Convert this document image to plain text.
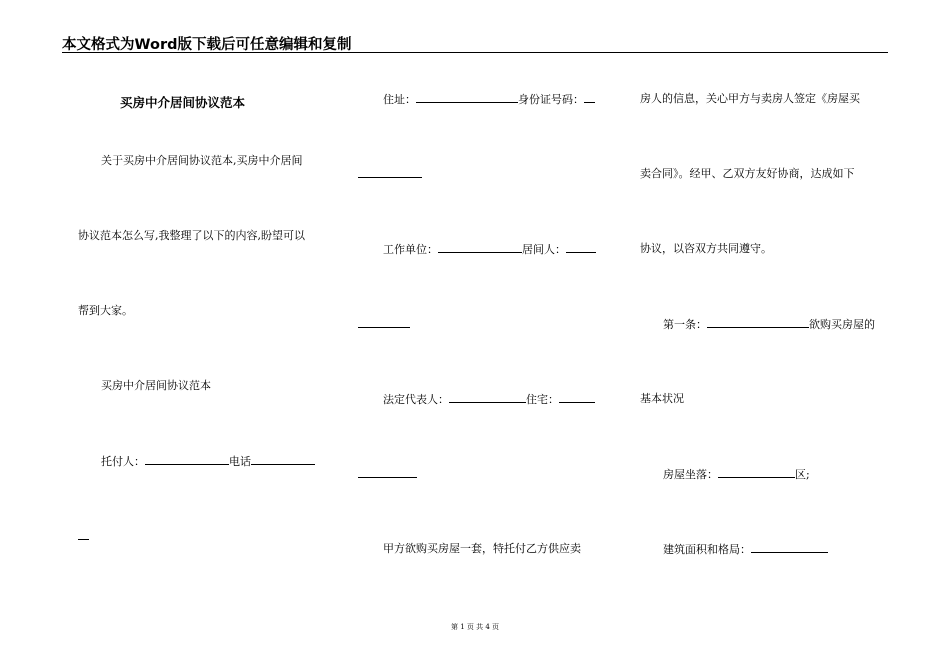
本文格式为Word版下载后可任意编辑和复制
买房中介居间协议范本
关于买房中介居间协议范本,买房中介居间
协议范本怎么写,我整理了以下的内容,盼望可以
帮到大家。
买房中介居间协议范本
托付人：	电话
住址：	身份证号码：
工作单位：	居间人：
法定代表人：	住宅：
甲方欲购买房屋一套，特托付乙方供应卖
房人的信息，关心甲方与卖房人签定《房屋买
卖合同》。经甲、乙双方友好协商，达成如下
协议，以咨双方共同遵守。
第一条：	欲购买房屋的
基本状况
房屋坐落：	区;
建筑面积和格局：
第 1 页 共 4 页
